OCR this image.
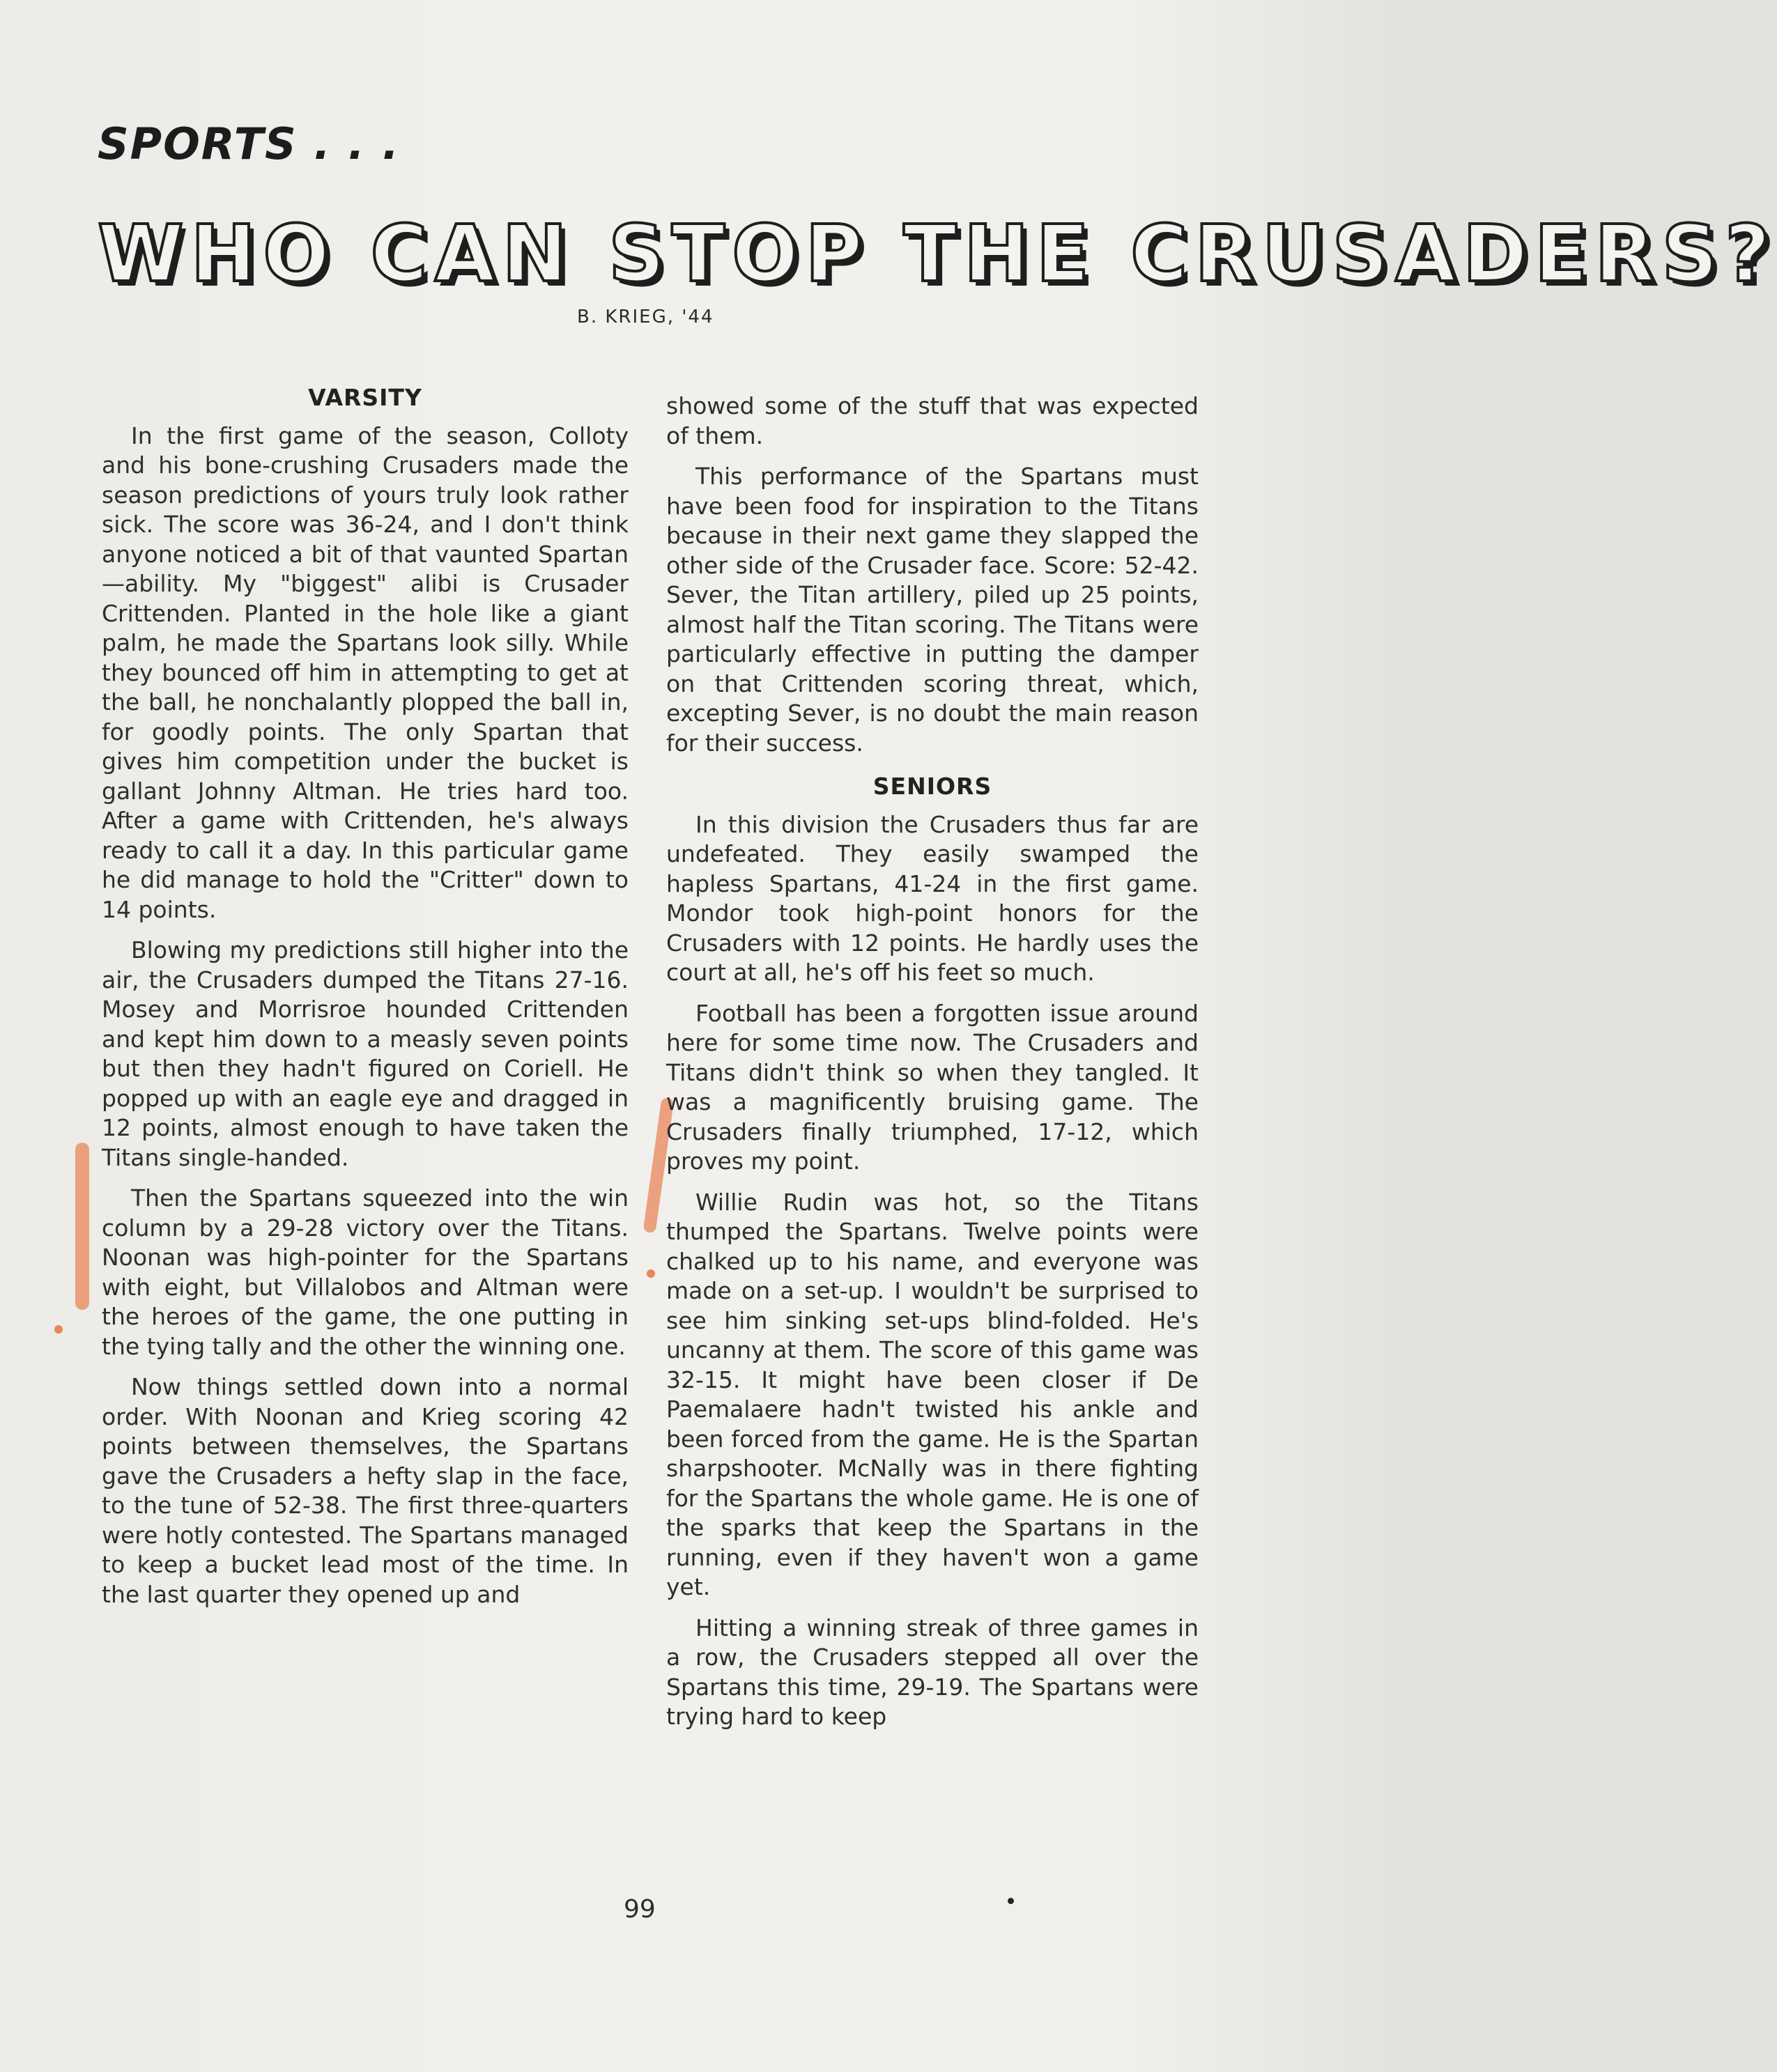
SPORTS . . .

WHO CAN STOP THE CRUSADERS?

B. KRIEG, '44

VARSITY

In the first game of the season, Colloty and his bone-crushing Crusaders made the season predictions of yours truly look rather sick. The score was 36-24, and I don't think anyone noticed a bit of that vaunted Spartan—ability. My "biggest" alibi is Crusader Crittenden. Planted in the hole like a giant palm, he made the Spartans look silly. While they bounced off him in attempting to get at the ball, he nonchalantly plopped the ball in, for goodly points. The only Spartan that gives him competition under the bucket is gallant Johnny Altman. He tries hard too. After a game with Crittenden, he's always ready to call it a day. In this particular game he did manage to hold the "Critter" down to 14 points.

Blowing my predictions still higher into the air, the Crusaders dumped the Titans 27-16. Mosey and Morrisroe hounded Crittenden and kept him down to a measly seven points but then they hadn't figured on Coriell. He popped up with an eagle eye and dragged in 12 points, almost enough to have taken the Titans single-handed.

Then the Spartans squeezed into the win column by a 29-28 victory over the Titans. Noonan was high-pointer for the Spartans with eight, but Villalobos and Altman were the heroes of the game, the one putting in the tying tally and the other the winning one.

Now things settled down into a normal order. With Noonan and Krieg scoring 42 points between themselves, the Spartans gave the Crusaders a hefty slap in the face, to the tune of 52-38. The first three-quarters were hotly contested. The Spartans managed to keep a bucket lead most of the time. In the last quarter they opened up and

showed some of the stuff that was expected of them.

This performance of the Spartans must have been food for inspiration to the Titans because in their next game they slapped the other side of the Crusader face. Score: 52-42. Sever, the Titan artillery, piled up 25 points, almost half the Titan scoring. The Titans were particularly effective in putting the damper on that Crittenden scoring threat, which, excepting Sever, is no doubt the main reason for their success.

SENIORS

In this division the Crusaders thus far are undefeated. They easily swamped the hapless Spartans, 41-24 in the first game. Mondor took high-point honors for the Crusaders with 12 points. He hardly uses the court at all, he's off his feet so much.

Football has been a forgotten issue around here for some time now. The Crusaders and Titans didn't think so when they tangled. It was a magnificently bruising game. The Crusaders finally triumphed, 17-12, which proves my point.

Willie Rudin was hot, so the Titans thumped the Spartans. Twelve points were chalked up to his name, and everyone was made on a set-up. I wouldn't be surprised to see him sinking set-ups blind-folded. He's uncanny at them. The score of this game was 32-15. It might have been closer if De Paemalaere hadn't twisted his ankle and been forced from the game. He is the Spartan sharpshooter. McNally was in there fighting for the Spartans the whole game. He is one of the sparks that keep the Spartans in the running, even if they haven't won a game yet.

Hitting a winning streak of three games in a row, the Crusaders stepped all over the Spartans this time, 29-19. The Spartans were trying hard to keep

99
